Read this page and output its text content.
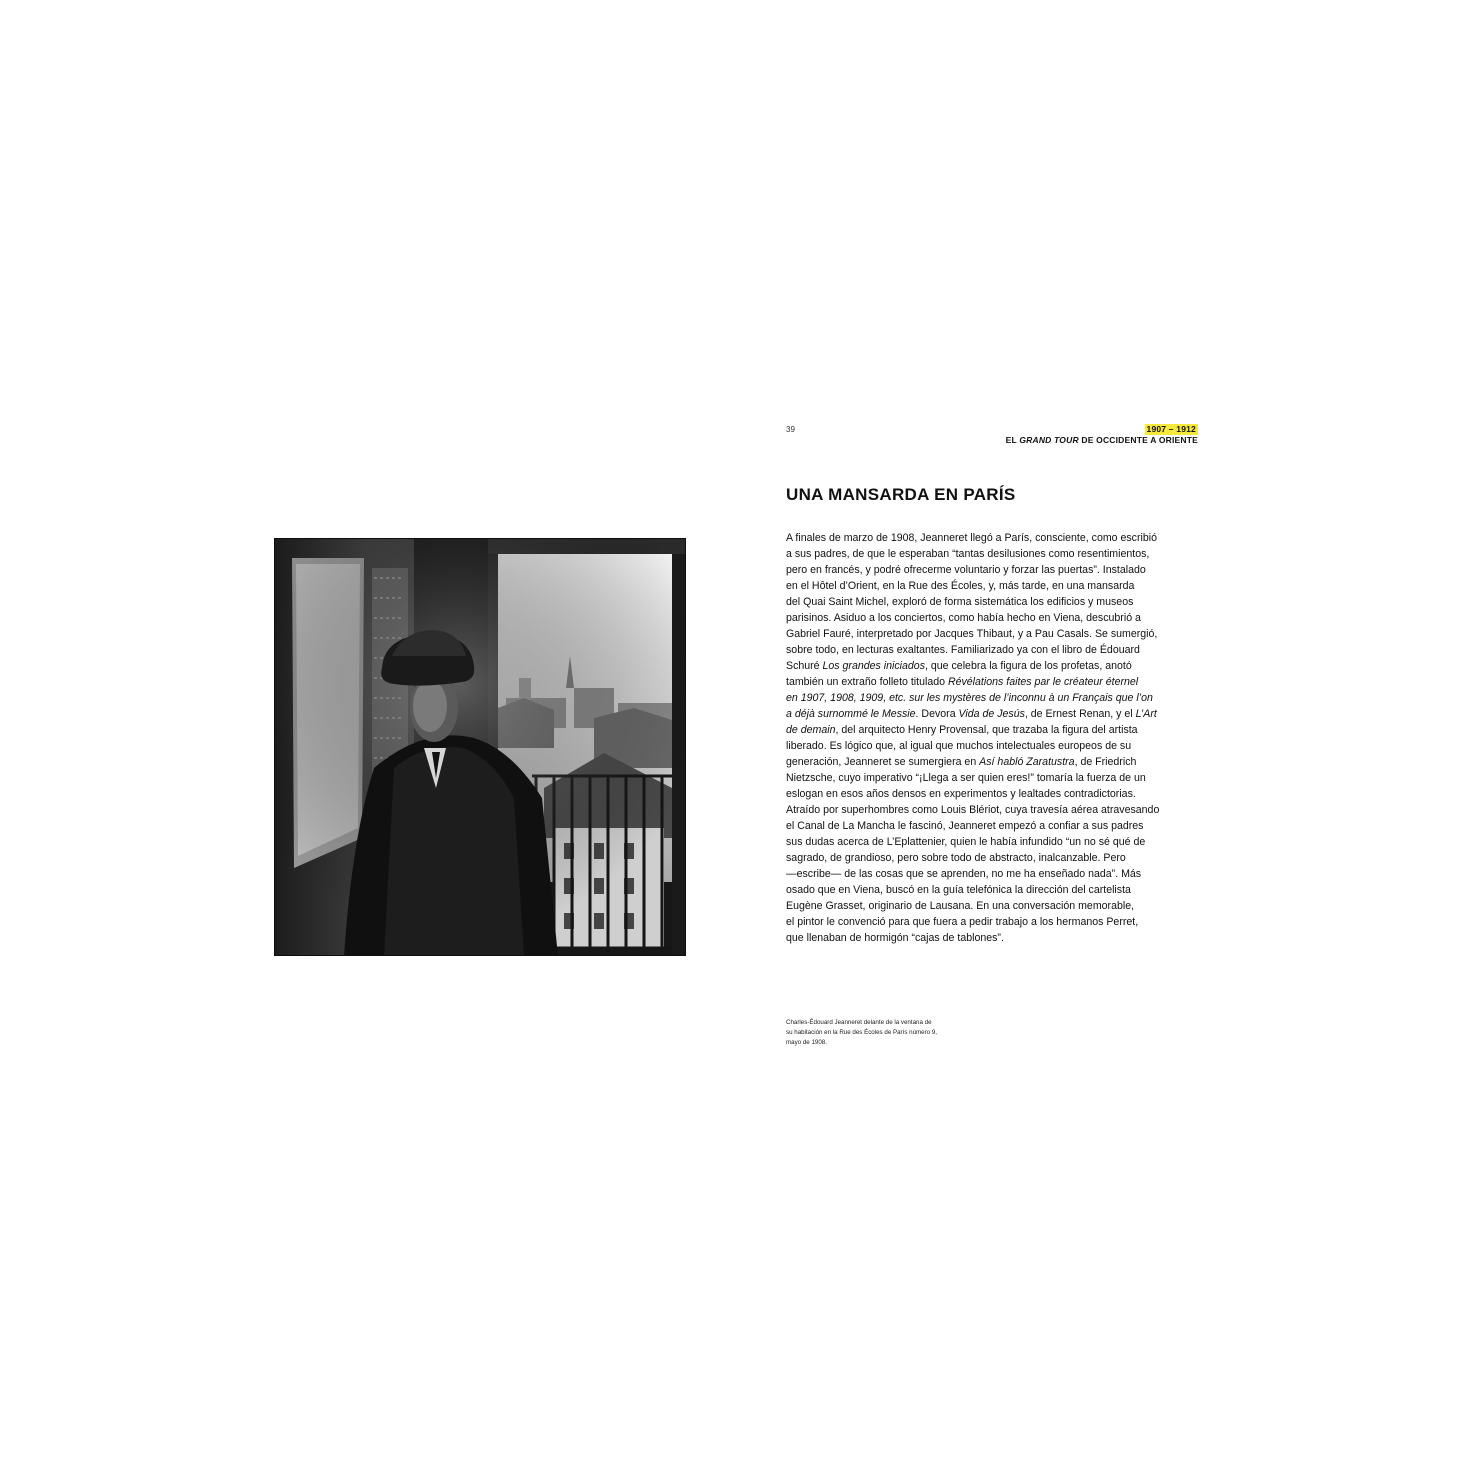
39	1907 – 1912
EL GRAND TOUR DE OCCIDENTE A ORIENTE
UNA MANSARDA EN PARÍS
A finales de marzo de 1908, Jeanneret llegó a París, consciente, como escribió
a sus padres, de que le esperaban “tantas desilusiones como resentimientos,
pero en francés, y podré ofrecerme voluntario y forzar las puertas”. Instalado
en el Hôtel d’Orient, en la Rue des Écoles, y, más tarde, en una mansarda
del Quai Saint Michel, exploró de forma sistemática los edificios y museos
parisinos. Asiduo a los conciertos, como había hecho en Viena, descubrió a
Gabriel Fauré, interpretado por Jacques Thibaut, y a Pau Casals. Se sumergió,
sobre todo, en lecturas exaltantes. Familiarizado ya con el libro de Édouard
Schuré Los grandes iniciados, que celebra la figura de los profetas, anotó
también un extraño folleto titulado Révélations faites par le créateur éternel
en 1907, 1908, 1909, etc. sur les mystères de l’inconnu à un Français que l’on
a déjà surnommé le Messie. Devora Vida de Jesús, de Ernest Renan, y el L’Art
de demain, del arquitecto Henry Provensal, que trazaba la figura del artista
liberado. Es lógico que, al igual que muchos intelectuales europeos de su
generación, Jeanneret se sumergiera en Así habló Zaratustra, de Friedrich
Nietzsche, cuyo imperativo “¡Llega a ser quien eres!” tomaría la fuerza de un
eslogan en esos años densos en experimentos y lealtades contradictorias.
Atraído por superhombres como Louis Blériot, cuya travesía aérea atravesando
el Canal de La Mancha le fascinó, Jeanneret empezó a confiar a sus padres
sus dudas acerca de L’Eplattenier, quien le había infundido “un no sé qué de
sagrado, de grandioso, pero sobre todo de abstracto, inalcanzable. Pero
—escribe— de las cosas que se aprenden, no me ha enseñado nada”. Más
osado que en Viena, buscó en la guía telefónica la dirección del cartelista
Eugène Grasset, originario de Lausana. En una conversación memorable,
el pintor le convenció para que fuera a pedir trabajo a los hermanos Perret,
que llenaban de hormigón “cajas de tablones”.
Charles-Édouard Jeanneret delante de la ventana de
su habitación en la Rue des Écoles de París número 9,
mayo de 1908.
